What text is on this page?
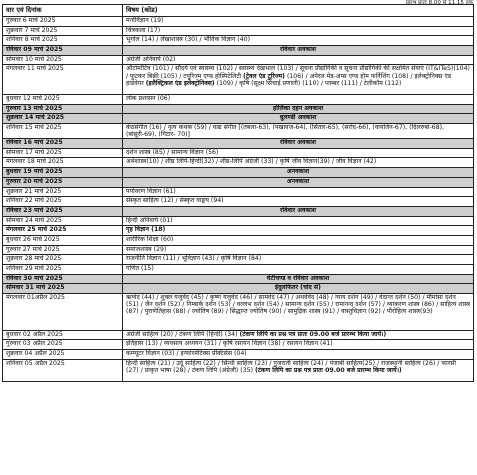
प्रारंभ प्रातः 8.00 से 11.15 तक
वार एवं दिनांक	विषय (कोड)
गुरुवार 6 मार्च 2025	मनोविज्ञान (19)
शुक्रवार 7 मार्च 2025	चित्रकला (17)
शनिवार 8 मार्च 2025	भूगोल (14) / लेखाशास्त्र (30) / भौतिक विज्ञान (40)
रविवार 09 मार्च 2025	रविवार अवकाश
सोमवार 10 मार्च 2025	अंग्रेजी अनिवार्य (02)
मंगलवार 11 मार्च 2025	ऑटोमोटिव (101) / सौंदर्य एवं स्वास्थ्य (102) / स्वास्थ्य देखभाल (103) / सूचना प्रौद्योगिकी व सूचना प्रौद्योगिकी की सक्षमित सेवाएं (IT&ITeS)(104) / फुटकर बिक्री (105) / टयूरिज्म एण्ड होस्पिटेलिटी (ट्रेवल एंड टूरिज्म) (106) / अपेरल मेड-अप्स एण्ड होम फर्निशिंग (108) / इलेक्ट्रोनिक्स एंड हार्डवेयर (इलैक्ट्रिकल एंड इलेक्ट्रोनिक्स) (109) / कृषि (सूक्ष्म सिंचाई प्रणाली) (110) / प्लम्बर (111) / टेलीकॉम (112)
बुधवार 12 मार्च 2025	लोक प्रशासन (06)
गुरुवार 13 मार्च 2025	होलिका दहन अवकाश
शुक्रवार 14 मार्च 2025	धुलण्डी अवकाश
शनिवार 15 मार्च 2025	कंठसंगीत (16) / नृत्य कथक (59) / वाद्य संगीत [(तबला-63), (पखावज-64), (सितार-65), (सरोद-66), (वायलिन-67), (दिलरुबा-68), (बांसुरी-69), (गिटार- 70)]
रविवार 16 मार्च 2025	रविवार अवकाश
सोमवार 17 मार्च 2025	दर्शन शास्त्र (85) / सामान्य विज्ञान (56)
मंगलवार 18 मार्च 2025	अर्थशास्त्र(10) / शीघ्र लिपि-हिन्दी(32) / शीघ्र-लिपि अंग्रेजी (33) / कृषि जीव विज्ञान(39) / जीव विज्ञान (42)
बुधवार 19 मार्च 2025	अनवकाश
गुरुवार 20 मार्च 2025	अनवकाश
शुक्रवार 21 मार्च 2025	पर्यावरण विज्ञान (61)
शनिवार 22 मार्च 2025	संस्कृत साहित्य (12) / संस्कृत वाङ्मय (94)
रविवार 23 मार्च 2025	रविवार अवकाश
सोमवार 24 मार्च 2025	हिन्दी अनिवार्य (01)
मंगलवार 25 मार्च 2025	गृह विज्ञान (18)
बुधवार 26 मार्च 2025	शारीरिक शिक्षा (60)
गुरुवार 27 मार्च 2025	समाजशास्त्र (29)
शुक्रवार 28 मार्च 2025	राजनीति विज्ञान (11) / भूविज्ञान (43) / कृषि विज्ञान (84)
शनिवार 29 मार्च 2025	गणित (15)
रविवार 30 मार्च 2025	घेटीचण्ड व रविवार अवकाश
सोमवार 31 मार्च 2025	ईदुलफितर (चांद से)
मंगलवार 01अप्रैल 2025	ऋग्वेद (44) / शुक्ल यजुर्वेद (45) / कृष्ण यजुर्वेद (46) / सामवेद (47) / अथर्ववेद (48) / न्याय दर्शन (49) / वेदान्त दर्शन (50) / मीमांसा दर्शन (51) / जैन दर्शन (52) / निम्बार्क दर्शन (53) / वल्लभ दर्शन (54) / सामान्य दर्शन (55) / रामानन्द दर्शन (57) / व्याकरण शास्त्र (86) / साहित्य शास्त्र (87) / पुराणेतिहास (88) / ज्योतिष (89) / सिद्धान्त ज्योतिष (90) / सामुद्रिक शास्त्र (91) / वास्तुविज्ञान (92) / पौरोहित्य शास्त्र(93)
बुधवार 02 अप्रैल 2025	अंग्रेजी साहित्य (20) / टंकण लिपि (हिन्दी) (34) (टंकण लिपि का प्रश्न पत्र प्रातः 09.00 बजे प्रारम्भ किया जायें।)
गुरुवार 03 अप्रैल 2025	इतिहास (13) / व्यवसाय अध्ययन (31) / कृषि रसायन विज्ञान (38) / रसायन विज्ञान (41)
शुक्रवार 04 अप्रैल 2025	कम्प्यूटर विज्ञान (03) / इन्फोरमेटिक्स प्रेक्टिसेस (04)
शनिवार 05 अप्रैल 2025	हिन्दी साहित्य (21) / उर्दू साहित्य (22) / सिन्धी साहित्य (23) / गुजराती साहित्य (24) / पंजाबी साहित्य(25) / राजस्थानी साहित्य (26) / फारसी (27) / प्राकृत भाषा (28) / टंकण लिपि (अंग्रेजी) (35) (टंकण लिपि का प्रश्न पत्र प्रातः 09.00 बजे प्रारम्भ किया जायें।)
